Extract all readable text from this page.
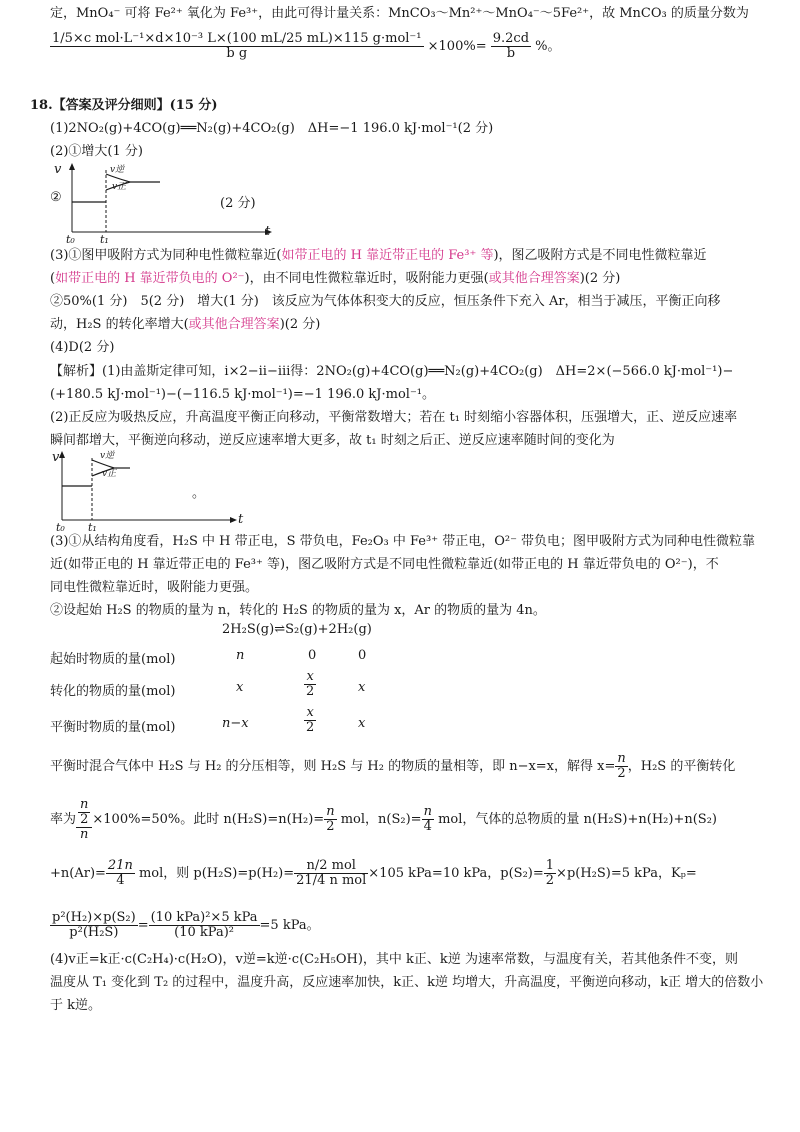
定，MnO₄⁻ 可将 Fe²⁺ 氧化为 Fe³⁺，由此可得计量关系：MnCO₃～Mn²⁺～MnO₄⁻～5Fe²⁺，故 MnCO₃ 的质量分数为
$\frac{\text{1/5×c mol·L⁻¹×d×10⁻³ L×(100 mL/25 mL)×115 g·mol⁻¹}}{\text{b g}} \times 100\%= \frac{9.2cd}{b}$ %。
18.【答案及评分细则】(15 分)
(1)2NO₂(g)+4CO(g)══N₂(g)+4CO₂(g)　ΔH=−1 196.0 kJ·mol⁻¹(2 分)
(2)①增大(1 分)
②
v
t
t₀ t₁
v逆
v正
(2 分)
(3)①图甲吸附方式为同种电性微粒靠近(如带正电的 H 靠近带正电的 Fe³⁺ 等)，图乙吸附方式是不同电性微粒靠近
(如带正电的 H 靠近带负电的 O²⁻)，由不同电性微粒靠近时，吸附能力更强(或其他合理答案)(2 分)
②50%(1 分)　5(2 分)　增大(1 分)　该反应为气体体积变大的反应，恒压条件下充入 Ar，相当于减压，平衡正向移
动，H₂S 的转化率增大(或其他合理答案)(2 分)
(4)D(2 分)
【解析】(1)由盖斯定律可知，ⅰ×2−ⅱ−ⅲ得：2NO₂(g)+4CO(g)══N₂(g)+4CO₂(g)　ΔH=2×(−566.0 kJ·mol⁻¹)−
(+180.5 kJ·mol⁻¹)−(−116.5 kJ·mol⁻¹)=−1 196.0 kJ·mol⁻¹。
(2)正反应为吸热反应，升高温度平衡正向移动，平衡常数增大；若在 t₁ 时刻缩小容器体积，压强增大，正、逆反应速率
瞬间都增大，平衡逆向移动，逆反应速率增大更多，故 t₁ 时刻之后正、逆反应速率随时间的变化为
v
t
t₀ t₁
v逆
v正
。
(3)①从结构角度看，H₂S 中 H 带正电，S 带负电，Fe₂O₃ 中 Fe³⁺ 带正电，O²⁻ 带负电；图甲吸附方式为同种电性微粒靠
近(如带正电的 H 靠近带正电的 Fe³⁺ 等)，图乙吸附方式是不同电性微粒靠近(如带正电的 H 靠近带负电的 O²⁻)，不
同电性微粒靠近时，吸附能力更强。
②设起始 H₂S 的物质的量为 n，转化的 H₂S 的物质的量为 x，Ar 的物质的量为 4n。
2H₂S(g)⇌S₂(g)+2H₂(g)
起始时物质的量(mol)	n	0	0
转化的物质的量(mol)	x	$\frac{x}{2}$	x
平衡时物质的量(mol)	n−x	$\frac{x}{2}$	x
平衡时混合气体中 H₂S 与 H₂ 的分压相等，则 H₂S 与 H₂ 的物质的量相等，即 n−x=x，解得 $x= \frac{n}{2}$ ，H₂S 的平衡转化
率为 $\frac{\frac{n}{2}}{n} \times 100\%=50\%$。此时 $n(H_2S)=n(H_2)= \frac{n}{2}$ mol，$n(S_2)= \frac{n}{4}$ mol，气体的总物质的量 n(H₂S)+n(H₂)+n(S₂)
$+n(Ar)= \frac{21n}{4}$ mol，则 $p(H_2S)=p(H_2)= \frac{\text{n/2 mol}}{\text{21/4 n mol}} \times 105$ kPa=10 kPa，$p(S_2)= \frac{1}{2} \times p(H_2S)=5$ kPa，Kₚ=
$\frac{\text{p²(H₂)×p(S₂)}}{\text{p²(H₂S)}} = \frac{\text{(10 kPa)²×5 kPa}}{\text{(10 kPa)²}} =5$ kPa。
(4)v正=k正·c(C₂H₄)·c(H₂O)，v逆=k逆·c(C₂H₅OH)，其中 k正、k逆 为速率常数，与温度有关，若其他条件不变，则
温度从 T₁ 变化到 T₂ 的过程中，温度升高，反应速率加快，k正、k逆 均增大，升高温度，平衡逆向移动，k正 增大的倍数小
于 k逆。
